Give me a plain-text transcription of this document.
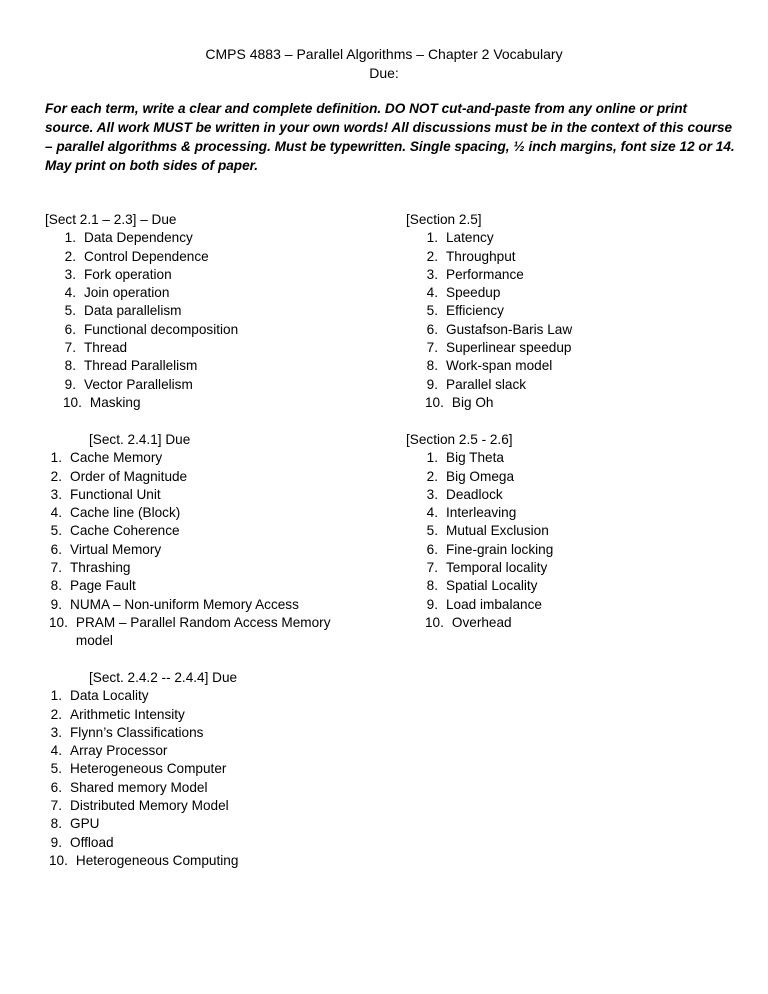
CMPS 4883 – Parallel Algorithms – Chapter 2 Vocabulary
Due:
For each term, write a clear and complete definition. DO NOT cut-and-paste from any online or print source. All work MUST be written in your own words! All discussions must be in the context of this course – parallel algorithms & processing. Must be typewritten. Single spacing, ½ inch margins, font size 12 or 14. May print on both sides of paper.
[Sect 2.1 – 2.3] – Due
1. Data Dependency
2. Control Dependence
3. Fork operation
4. Join operation
5. Data parallelism
6. Functional decomposition
7. Thread
8. Thread Parallelism
9. Vector Parallelism
10. Masking
[Sect. 2.4.1] Due
1. Cache Memory
2. Order of Magnitude
3. Functional Unit
4. Cache line (Block)
5. Cache Coherence
6. Virtual Memory
7. Thrashing
8. Page Fault
9. NUMA – Non-uniform Memory Access
10. PRAM – Parallel Random Access Memory model
[Sect. 2.4.2 -- 2.4.4] Due
1. Data Locality
2. Arithmetic Intensity
3. Flynn’s Classifications
4. Array Processor
5. Heterogeneous Computer
6. Shared memory Model
7. Distributed Memory Model
8. GPU
9. Offload
10. Heterogeneous Computing
[Section 2.5]
1. Latency
2. Throughput
3. Performance
4. Speedup
5. Efficiency
6. Gustafson-Baris Law
7. Superlinear speedup
8. Work-span model
9. Parallel slack
10. Big Oh
[Section 2.5 - 2.6]
1. Big Theta
2. Big Omega
3. Deadlock
4. Interleaving
5. Mutual Exclusion
6. Fine-grain locking
7. Temporal locality
8. Spatial Locality
9. Load imbalance
10. Overhead
